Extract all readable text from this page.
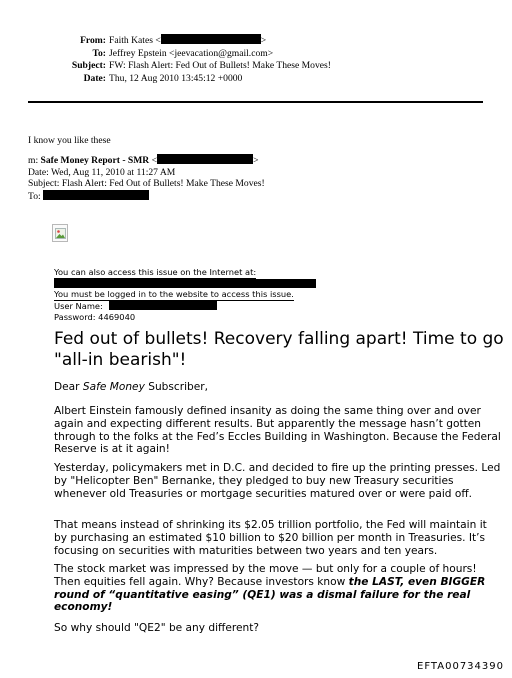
From: Faith Kates <	>
To: Jeffrey Epstein <jeevacation@gmail.com>
Subject: FW: Flash Alert: Fed Out of Bullets! Make These Moves!
Date: Thu, 12 Aug 2010 13:45:12 +0000
I know you like these
m: Safe Money Report - SMR <	>
Date: Wed, Aug 11, 2010 at 11:27 AM
Subject: Flash Alert: Fed Out of Bullets! Make These Moves!
To:
You can also access this issue on the Internet at:
You must be logged in to the website to access this issue.
User Name:
Password: 4469040
Fed out of bullets! Recovery falling apart! Time to go "all-in bearish"!

Dear Safe Money Subscriber,

Albert Einstein famously defined insanity as doing the same thing over and over again and expecting different results. But apparently the message hasn’t gotten through to the folks at the Fed’s Eccles Building in Washington. Because the Federal Reserve is at it again!

Yesterday, policymakers met in D.C. and decided to fire up the printing presses. Led by "Helicopter Ben" Bernanke, they pledged to buy new Treasury securities whenever old Treasuries or mortgage securities matured over or were paid off.

That means instead of shrinking its $2.05 trillion portfolio, the Fed will maintain it by purchasing an estimated $10 billion to $20 billion per month in Treasuries. It’s focusing on securities with maturities between two years and ten years.

The stock market was impressed by the move — but only for a couple of hours! Then equities fell again. Why? Because investors know the LAST, even BIGGER round of “quantitative easing” (QE1) was a dismal failure for the real economy!

So why should "QE2" be any different?

EFTA00734390
